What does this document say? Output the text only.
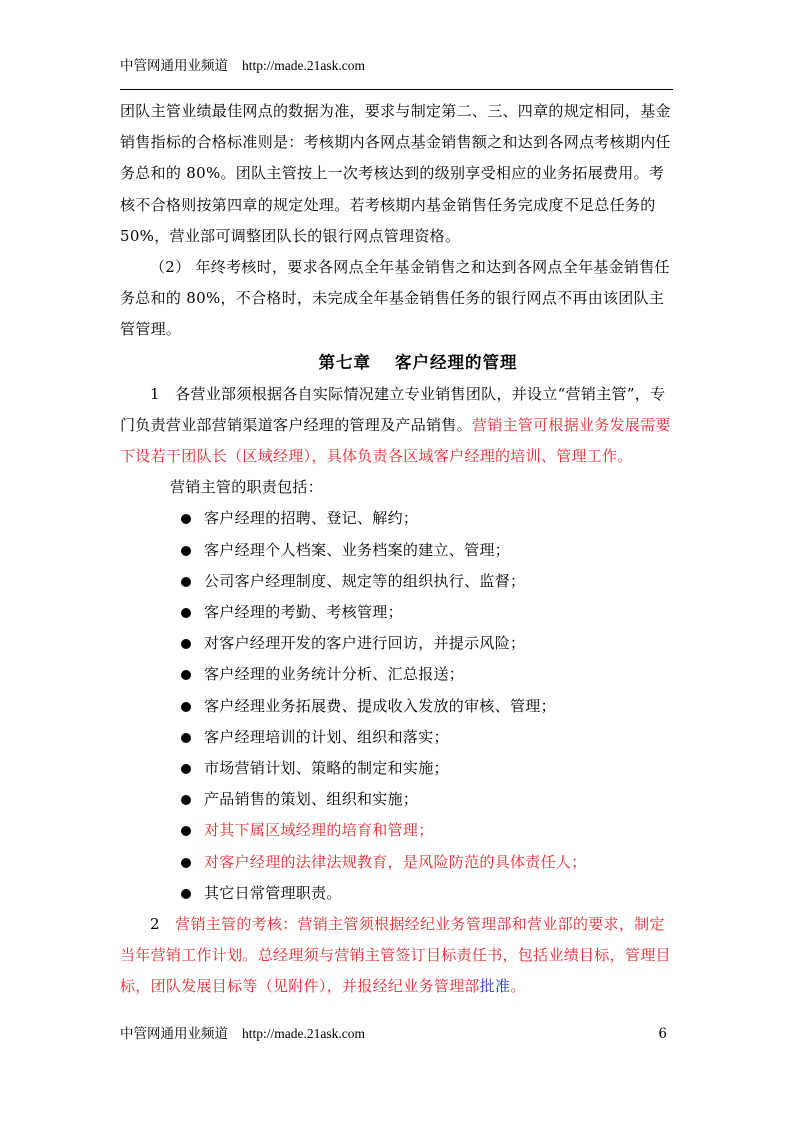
中管网通用业频道 http://made.21ask.com

团队主管业绩最佳网点的数据为准，要求与制定第二、三、四章的规定相同，基金销售指标的合格标准则是：考核期内各网点基金销售额之和达到各网点考核期内任务总和的 80%。团队主管按上一次考核达到的级别享受相应的业务拓展费用。考核不合格则按第四章的规定处理。若考核期内基金销售任务完成度不足总任务的 50%，营业部可调整团队长的银行网点管理资格。

（2） 年终考核时，要求各网点全年基金销售之和达到各网点全年基金销售任务总和的 80%，不合格时，未完成全年基金销售任务的银行网点不再由该团队主管管理。

第七章 客户经理的管理

1　各营业部须根据各自实际情况建立专业销售团队，并设立“营销主管”，专门负责营业部营销渠道客户经理的管理及产品销售。营销主管可根据业务发展需要下设若干团队长（区域经理），具体负责各区域客户经理的培训、管理工作。

营销主管的职责包括：

客户经理的招聘、登记、解约；
客户经理个人档案、业务档案的建立、管理；
公司客户经理制度、规定等的组织执行、监督；
客户经理的考勤、考核管理；
对客户经理开发的客户进行回访，并提示风险；
客户经理的业务统计分析、汇总报送；
客户经理业务拓展费、提成收入发放的审核、管理；
客户经理培训的计划、组织和落实；
市场营销计划、策略的制定和实施；
产品销售的策划、组织和实施；
对其下属区域经理的培育和管理；
对客户经理的法律法规教育，是风险防范的具体责任人；
其它日常管理职责。

2　 营销主管的考核：营销主管须根据经纪业务管理部和营业部的要求，制定当年营销工作计划。总经理须与营销主管签订目标责任书，包括业绩目标，管理目标，团队发展目标等（见附件），并报经纪业务管理部批准。

中管网通用业频道 http://made.21ask.com	6
